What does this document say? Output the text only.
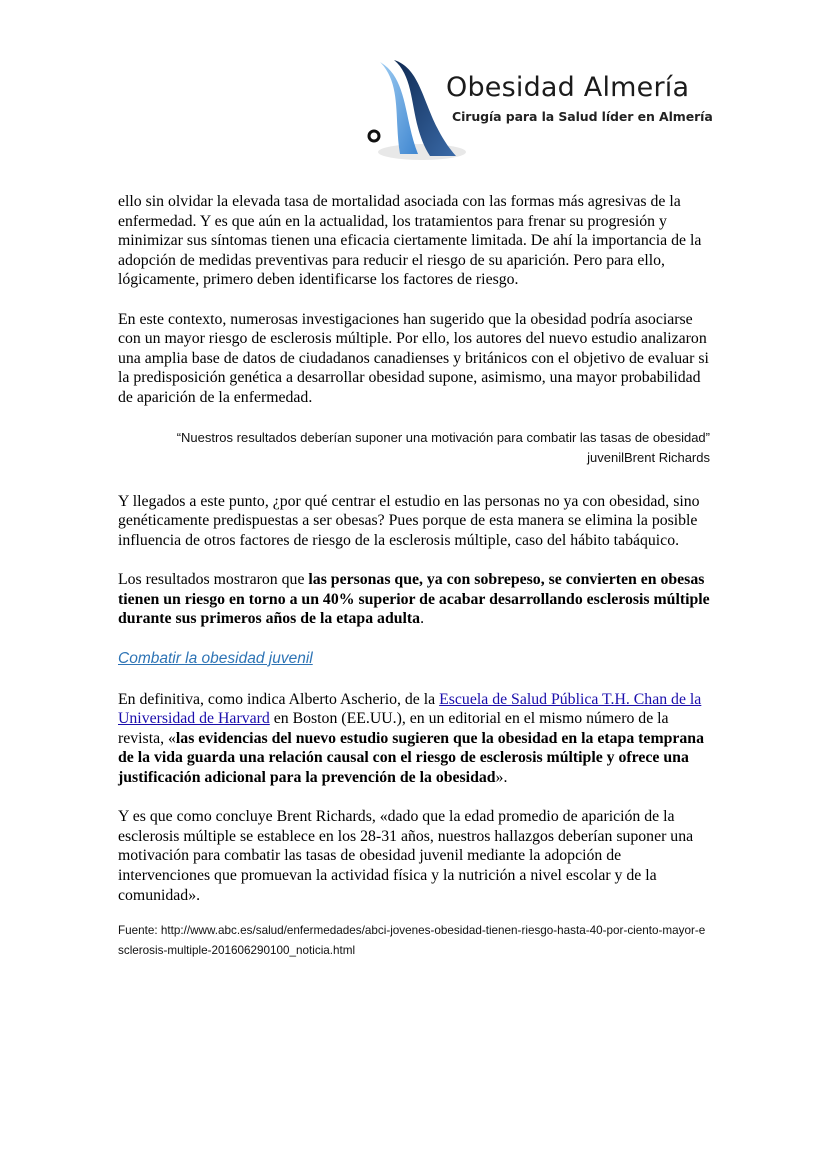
Obesidad Almería
Cirugía para la Salud líder en Almería

ello sin olvidar la elevada tasa de mortalidad asociada con las formas más agresivas de la enfermedad. Y es que aún en la actualidad, los tratamientos para frenar su progresión y minimizar sus síntomas tienen una eficacia ciertamente limitada. De ahí la importancia de la adopción de medidas preventivas para reducir el riesgo de su aparición. Pero para ello, lógicamente, primero deben identificarse los factores de riesgo.

En este contexto, numerosas investigaciones han sugerido que la obesidad podría asociarse con un mayor riesgo de esclerosis múltiple. Por ello, los autores del nuevo estudio analizaron una amplia base de datos de ciudadanos canadienses y británicos con el objetivo de evaluar si la predisposición genética a desarrollar obesidad supone, asimismo, una mayor probabilidad de aparición de la enfermedad.

“Nuestros resultados deberían suponer una motivación para combatir las tasas de obesidad”
juvenilBrent Richards

Y llegados a este punto, ¿por qué centrar el estudio en las personas no ya con obesidad, sino genéticamente predispuestas a ser obesas? Pues porque de esta manera se elimina la posible influencia de otros factores de riesgo de la esclerosis múltiple, caso del hábito tabáquico.

Los resultados mostraron que las personas que, ya con sobrepeso, se convierten en obesas tienen un riesgo en torno a un 40% superior de acabar desarrollando esclerosis múltiple durante sus primeros años de la etapa adulta.

Combatir la obesidad juvenil

En definitiva, como indica Alberto Ascherio, de la Escuela de Salud Pública T.H. Chan de la Universidad de Harvard en Boston (EE.UU.), en un editorial en el mismo número de la revista, «las evidencias del nuevo estudio sugieren que la obesidad en la etapa temprana de la vida guarda una relación causal con el riesgo de esclerosis múltiple y ofrece una justificación adicional para la prevención de la obesidad».

Y es que como concluye Brent Richards, «dado que la edad promedio de aparición de la esclerosis múltiple se establece en los 28-31 años, nuestros hallazgos deberían suponer una motivación para combatir las tasas de obesidad juvenil mediante la adopción de intervenciones que promuevan la actividad física y la nutrición a nivel escolar y de la comunidad».

Fuente: http://www.abc.es/salud/enfermedades/abci-jovenes-obesidad-tienen-riesgo-hasta-40-por-ciento-mayor-esclerosis-multiple-201606290100_noticia.html
